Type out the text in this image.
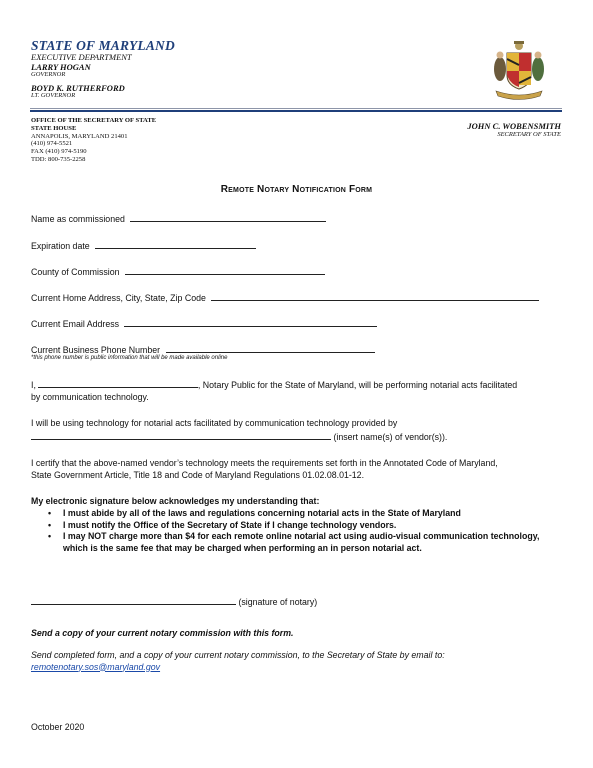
STATE OF MARYLAND
EXECUTIVE DEPARTMENT
LARRY HOGAN
GOVERNOR
BOYD K. RUTHERFORD
LT. GOVERNOR
OFFICE OF THE SECRETARY OF STATE
STATE HOUSE
ANNAPOLIS, MARYLAND 21401
(410) 974-5521
FAX (410) 974-5190
TDD: 800-735-2258
JOHN C. WOBENSMITH
SECRETARY OF STATE
Remote Notary Notification Form
Name as commissioned
Expiration date
County of Commission
Current Home Address, City, State, Zip Code
Current Email Address
Current Business Phone Number
*this phone number is public information that will be made available online
I,	, Notary Public for the State of Maryland, will be performing notarial acts facilitated
by communication technology.
I will be using technology for notarial acts facilitated by communication technology provided by
(insert name(s) of vendor(s)).
I certify that the above-named vendor’s technology meets the requirements set forth in the Annotated Code of Maryland,
State Government Article, Title 18 and Code of Maryland Regulations 01.02.08.01-12.
My electronic signature below acknowledges my understanding that:
• I must abide by all of the laws and regulations concerning notarial acts in the State of Maryland
• I must notify the Office of the Secretary of State if I change technology vendors.
• I may NOT charge more than $4 for each remote online notarial act using audio-visual communication technology,
which is the same fee that may be charged when performing an in person notarial act.
(signature of notary)
Send a copy of your current notary commission with this form.
Send completed form, and a copy of your current notary commission, to the Secretary of State by email to:
remotenotary.sos@maryland.gov
October 2020
